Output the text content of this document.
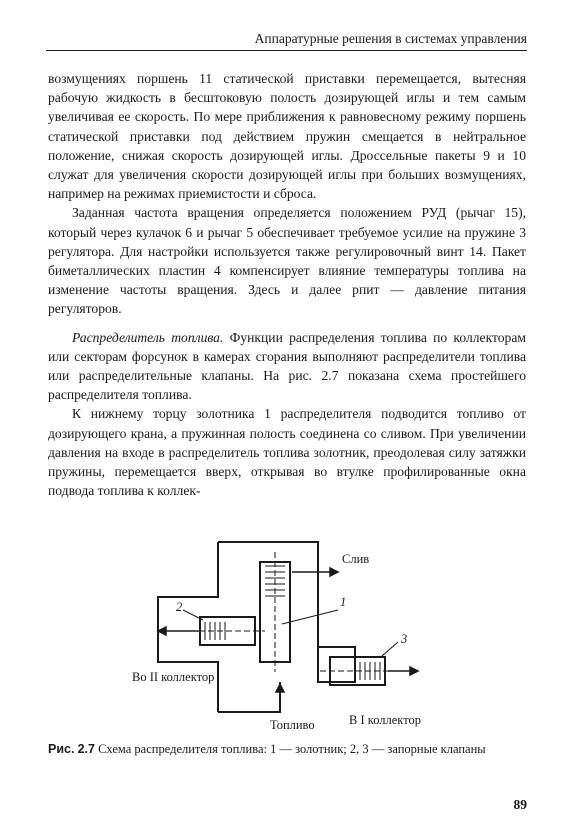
Аппаратурные решения в системах управления

возмущениях поршень 11 статической приставки перемещается, вытесняя рабочую жидкость в бесштоковую полость дозирующей иглы и тем самым увеличивая ее скорость. По мере приближения к равновесному режиму поршень статической приставки под действием пружин смещается в нейтральное положение, снижая скорость дозирующей иглы. Дроссельные пакеты 9 и 10 служат для увеличения скорости дозирующей иглы при больших возмущениях, например на режимах приемистости и сброса.

Заданная частота вращения определяется положением РУД (рычаг 15), который через кулачок 6 и рычаг 5 обеспечивает требуемое усилие на пружине 3 регулятора. Для настройки используется также регулировочный винт 14. Пакет биметаллических пластин 4 компенсирует влияние температуры топлива на изменение частоты вращения. Здесь и далее pпит — давление питания регуляторов.

Распределитель топлива. Функции распределения топлива по коллекторам или секторам форсунок в камерах сгорания выполняют распределители топлива или распределительные клапаны. На рис. 2.7 показана схема простейшего распределителя топлива.

К нижнему торцу золотника 1 распределителя подводится топливо от дозирующего крана, а пружинная полость соединена со сливом. При увеличении давления на входе в распределитель топлива золотник, преодолевая силу затяжки пружины, перемещается вверх, открывая во втулке профилированные окна подвода топлива к коллек-

Слив
1
2
3
Во II коллектор
Топливо	В I коллектор
Рис. 2.7 Схема распределителя топлива: 1 — золотник; 2, 3 — запорные клапаны
89
